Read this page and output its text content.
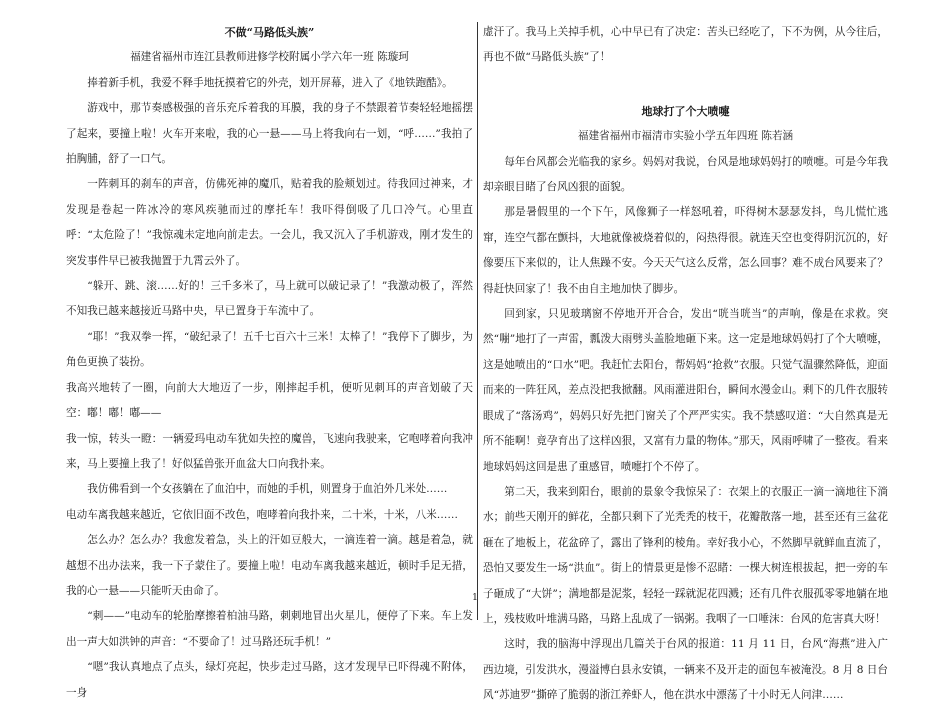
不做“马路低头族”
福建省福州市连江县教师进修学校附属小学六年一班 陈璇珂

捧着新手机，我爱不释手地抚摸着它的外壳，划开屏幕，进入了《地铁跑酷》。

游戏中，那节奏感极强的音乐充斥着我的耳膜，我的身子不禁跟着节奏轻轻地摇摆了起来，要撞上啦！火车开来啦，我的心一悬——马上将我向右一划，“呼……”我拍了拍胸脯，舒了一口气。

一阵刺耳的刹车的声音，仿佛死神的魔爪，贴着我的脸颊划过。待我回过神来，才发现是卷起一阵冰冷的寒风疾驰而过的摩托车！我吓得倒吸了几口冷气。心里直呼：“太危险了！”我惊魂未定地向前走去。一会儿，我又沉入了手机游戏，刚才发生的突发事件早已被我抛置于九霄云外了。

“躲开、跳、滚……好的！三千多米了，马上就可以破记录了！”我激动极了，浑然不知我已越来越接近马路中央，早已置身于车流中了。

“耶！”我双拳一挥，“破纪录了！五千七百六十三米！太棒了！”我停下了脚步，为角色更换了装扮。

我高兴地转了一圈，向前大大地迈了一步，刚摔起手机，便听见刺耳的声音划破了天空：嘟！嘟！嘟——

我一惊，转头一瞪：一辆爱玛电动车犹如失控的魔兽，飞速向我驶来，它咆哮着向我冲来，马上要撞上我了！好似猛兽张开血盆大口向我扑来。

我仿佛看到一个女孩躺在了血泊中，而她的手机，则置身于血泊外几米处……

电动车离我越来越近，它依旧面不改色，咆哮着向我扑来，二十米，十米，八米……

怎么办？怎么办？我愈发着急，头上的汗如豆般大，一滴连着一滴。越是着急，就越想不出办法来，我一下子蒙住了。要撞上啦！电动车离我越来越近，顿时手足无措，我的心一悬——只能听天由命了。

“刺——”电动车的轮胎摩擦着柏油马路，刺刺地冒出火星儿，便停了下来。车上发出一声大如洪钟的声音：“不要命了！过马路还玩手机！”

“嗯”我认真地点了点头，绿灯亮起，快步走过马路，这才发现早已吓得魂不附体，一身

虚汗了。我马上关掉手机，心中早已有了决定：苦头已经吃了，下不为例，从今往后，再也不做“马路低头族”了！

地球打了个大喷嚏
福建省福州市福清市实验小学五年四班 陈若涵

每年台风都会光临我的家乡。妈妈对我说，台风是地球妈妈打的喷嚏。可是今年我却亲眼目睹了台风凶狠的面貌。

那是暑假里的一个下午，风像狮子一样怒吼着，吓得树木瑟瑟发抖，鸟儿慌忙逃窜，连空气都在颤抖，大地就像被烧着似的，闷热得很。就连天空也变得阴沉沉的，好像要压下来似的，让人焦躁不安。今天天气这么反常，怎么回事？难不成台风要来了？得赶快回家了！我不由自主地加快了脚步。

回到家，只见玻璃窗不停地开开合合，发出“咣当咣当”的声响，像是在求救。突然“嘣”地打了一声雷，瓢泼大雨劈头盖脸地砸下来。这一定是地球妈妈打了个大喷嚏，这是她喷出的“口水”吧。我赶忙去阳台，帮妈妈“抢救”衣服。只觉气温骤然降低，迎面而来的一阵狂风，差点没把我掀翻。风雨灌进阳台，瞬间水漫金山。剩下的几件衣服转眼成了“落汤鸡”，妈妈只好先把门窗关了个严严实实。我不禁感叹道：“大自然真是无所不能啊！竟孕育出了这样凶狠，又富有力量的物体。”那天，风雨呼啸了一整夜。看来地球妈妈这回是患了重感冒，喷嚏打个不停了。

第二天，我来到阳台，眼前的景象令我惊呆了：衣架上的衣服正一滴一滴地往下淌水；前些天刚开的鲜花，全都只剩下了光秃秃的枝干，花瓣散落一地，甚至还有三盆花砸在了地板上，花盆碎了，露出了锋利的棱角。幸好我小心，不然脚早就鲜血直流了，恐怕又要发生一场“洪血”。街上的情景更是惨不忍睹：一棵大树连根拔起，把一旁的车子砸成了“大饼”；满地都是泥浆，轻轻一踩就泥花四溅；还有几件衣服孤零零地躺在地上，残枝败叶堆满马路，马路上乱成了一锅粥。我咽了一口唾沫：台风的危害真大呀！

这时，我的脑海中浮现出几篇关于台风的报道：11 月 11 日，台风“海燕”进入广西边境，引发洪水，漫溢博白县永安镇，一辆来不及开走的面包车被淹没。8 月 8 日台风“苏迪罗”撕碎了脆弱的浙江养虾人，他在洪水中漂荡了十小时无人问津……

1
